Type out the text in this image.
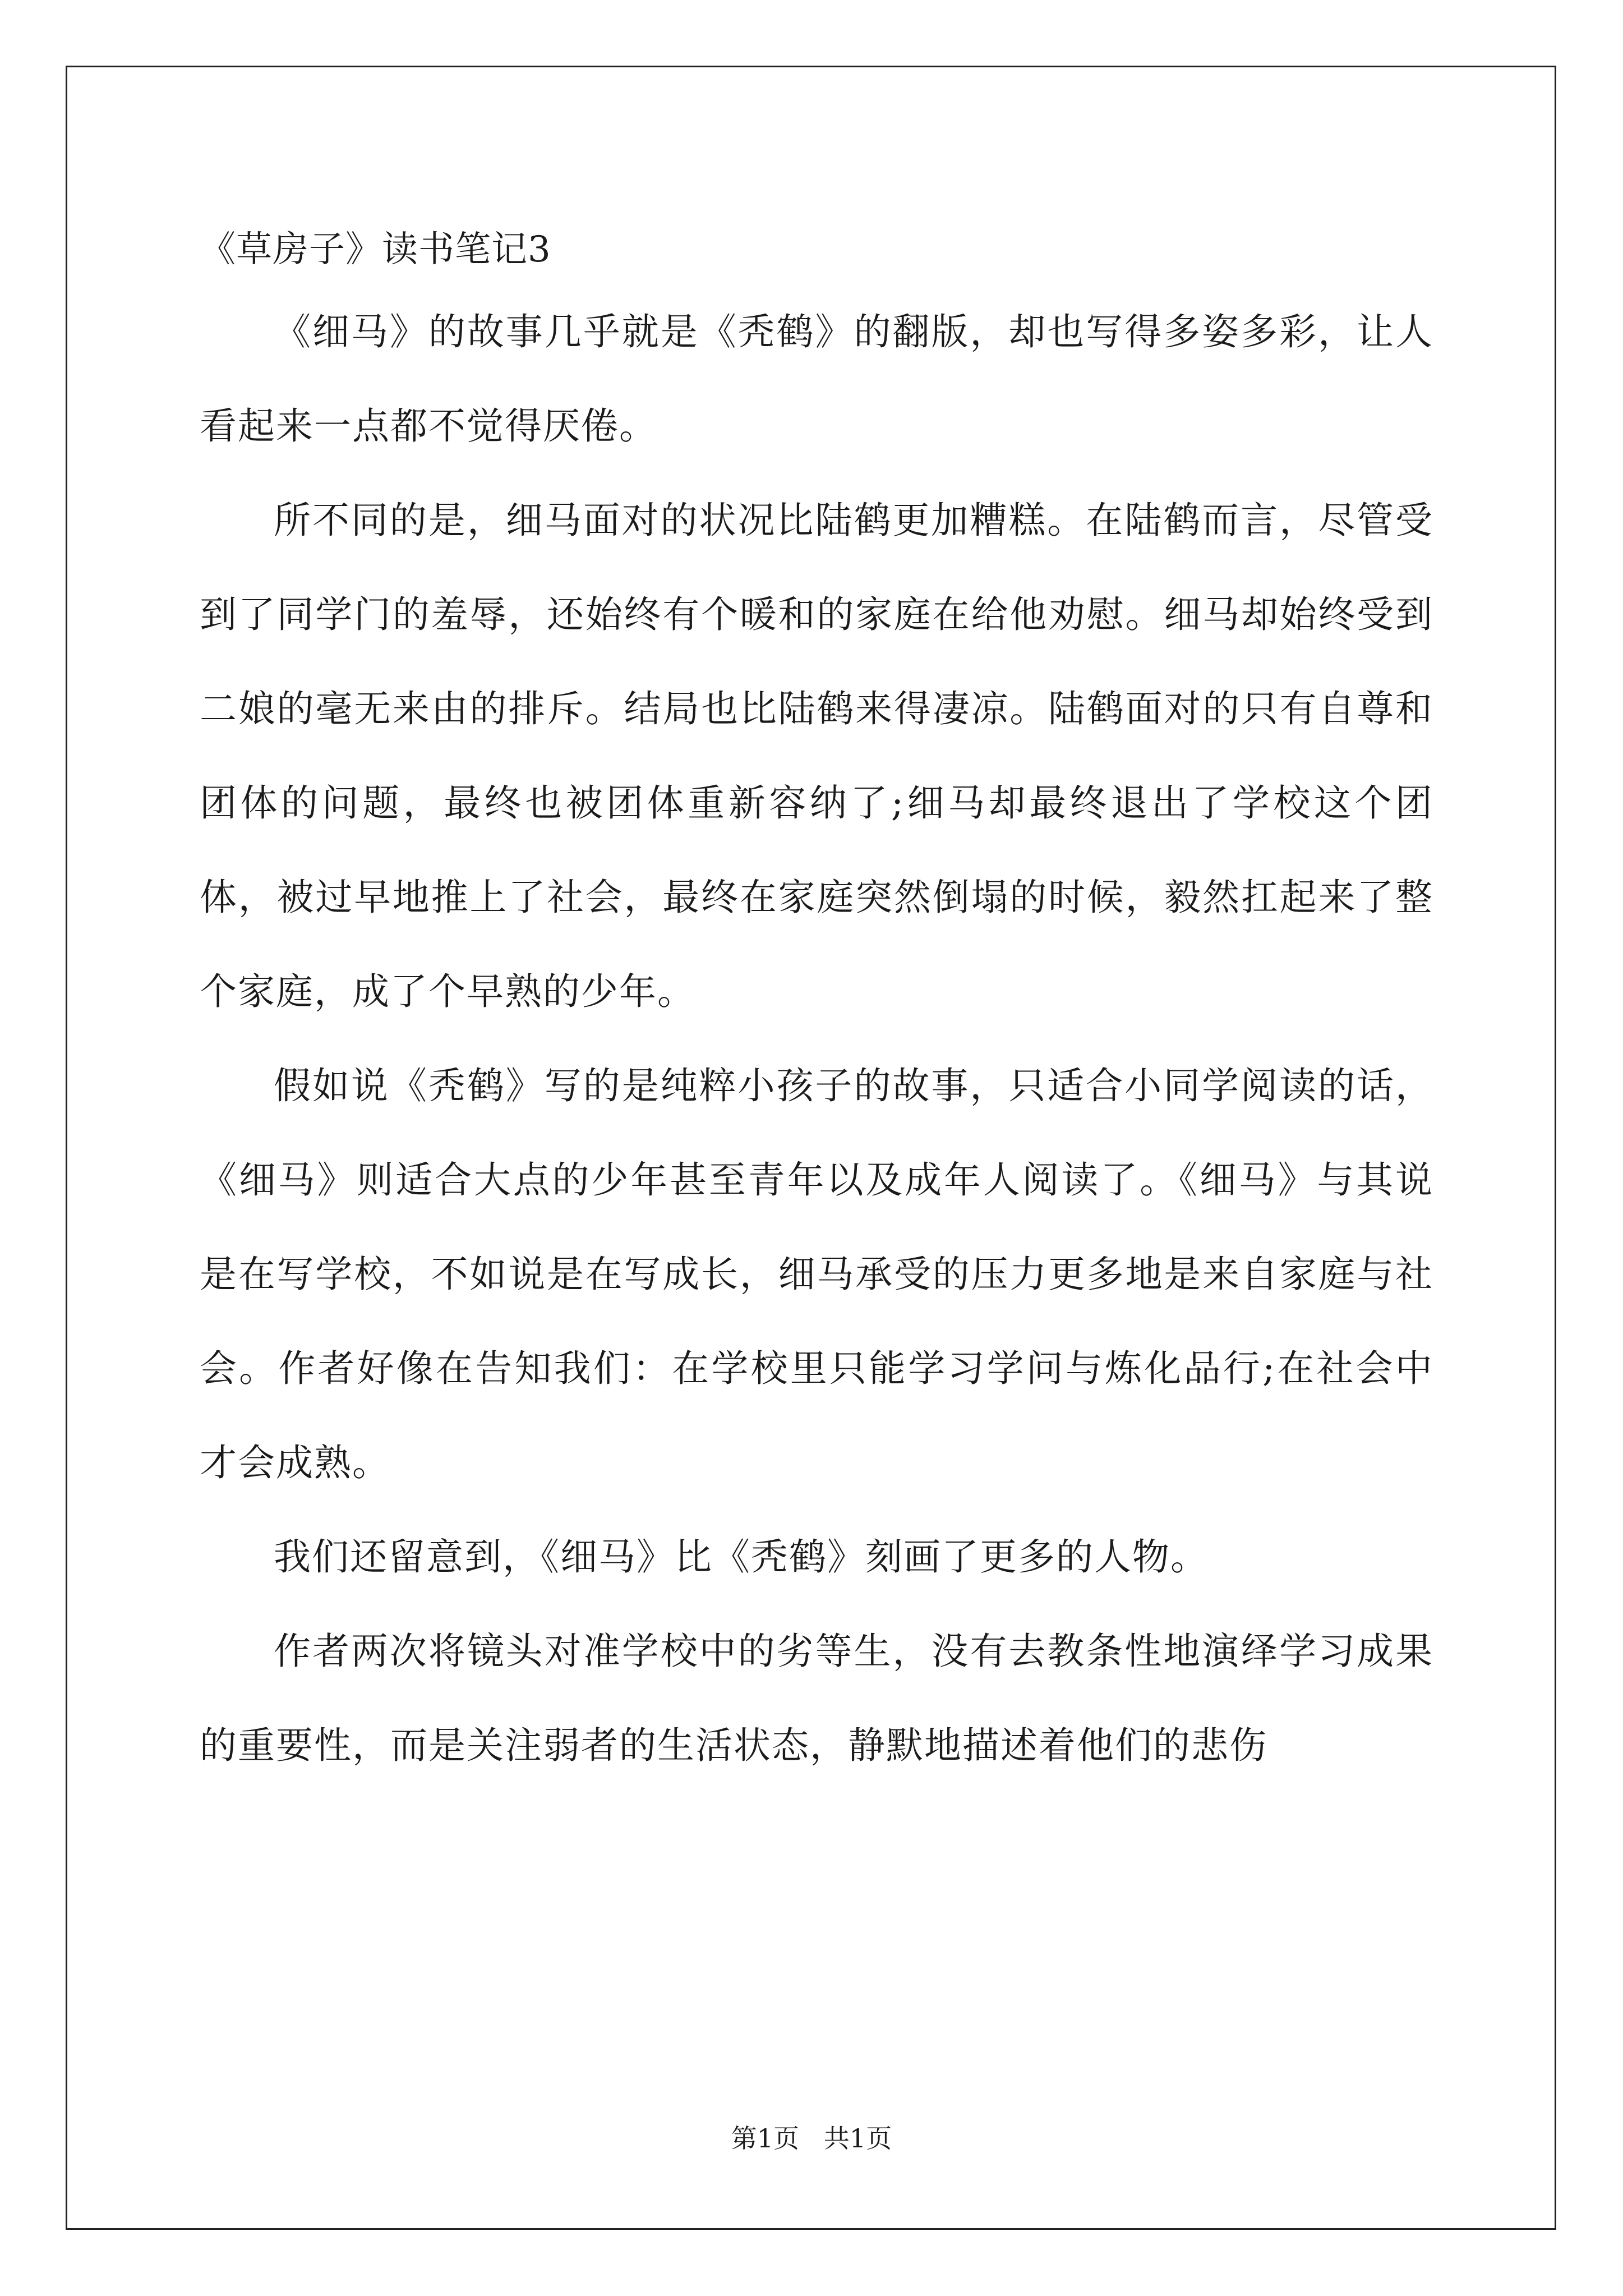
《草房子》读书笔记3

《细马》的故事几乎就是《秃鹤》的翻版，却也写得多姿多彩，让人看起来一点都不觉得厌倦。

所不同的是，细马面对的状况比陆鹤更加糟糕。在陆鹤而言，尽管受到了同学门的羞辱，还始终有个暖和的家庭在给他劝慰。细马却始终受到二娘的毫无来由的排斥。结局也比陆鹤来得凄凉。陆鹤面对的只有自尊和团体的问题，最终也被团体重新容纳了;细马却最终退出了学校这个团体，被过早地推上了社会，最终在家庭突然倒塌的时候，毅然扛起来了整个家庭，成了个早熟的少年。

假如说《秃鹤》写的是纯粹小孩子的故事，只适合小同学阅读的话，《细马》则适合大点的少年甚至青年以及成年人阅读了。《细马》与其说是在写学校，不如说是在写成长，细马承受的压力更多地是来自家庭与社会。作者好像在告知我们：在学校里只能学习学问与炼化品行;在社会中才会成熟。

我们还留意到，《细马》比《秃鹤》刻画了更多的人物。

作者两次将镜头对准学校中的劣等生，没有去教条性地演绎学习成果的重要性，而是关注弱者的生活状态，静默地描述着他们的悲伤

第1页   共1页
